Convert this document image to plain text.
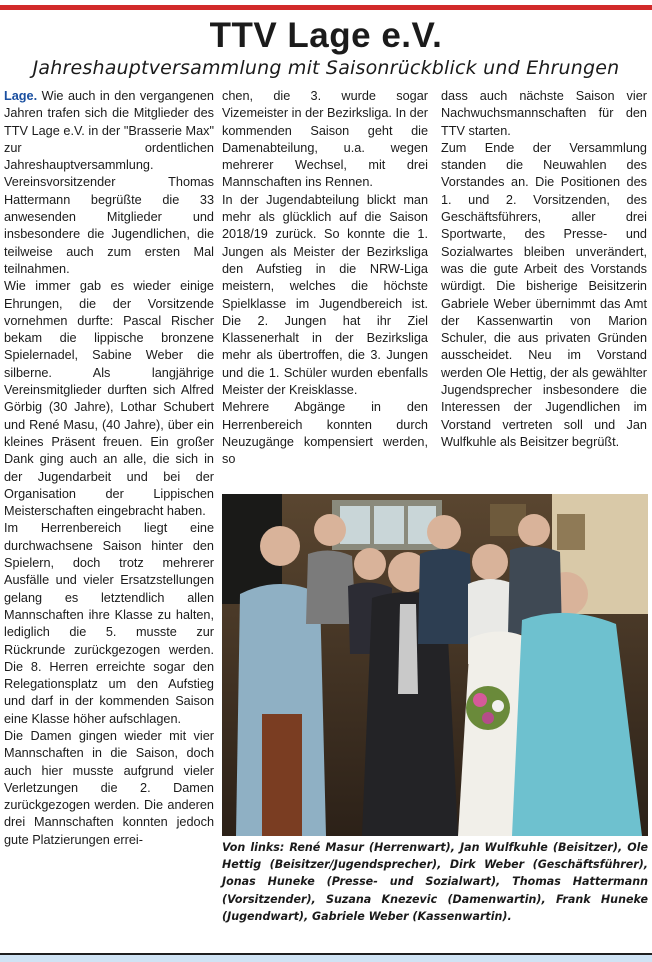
TTV Lage e.V.
Jahreshauptversammlung mit Saisonrückblick und Ehrungen

Lage. Wie auch in den vergangenen Jahren trafen sich die Mitglieder des TTV Lage e.V. in der "Brasserie Max" zur ordentlichen Jahreshauptversammlung. Vereinsvorsitzender Thomas Hattermann begrüßte die 33 anwesenden Mitglieder und insbesondere die Jugendlichen, die teilweise auch zum ersten Mal teilnahmen.

Wie immer gab es wieder einige Ehrungen, die der Vorsitzende vornehmen durfte: Pascal Rischer bekam die lippische bronzene Spielernadel, Sabine Weber die silberne. Als langjährige Vereinsmitglieder durften sich Alfred Görbig (30 Jahre), Lothar Schubert und René Masu, (40 Jahre), über ein kleines Präsent freuen. Ein großer Dank ging auch an alle, die sich in der Jugendarbeit und bei der Organisation der Lippischen Meisterschaften eingebracht haben.

Im Herrenbereich liegt eine durchwachsene Saison hinter den Spielern, doch trotz mehrerer Ausfälle und vieler Ersatzstellungen gelang es letztendlich allen Mannschaften ihre Klasse zu halten, lediglich die 5. musste zur Rückrunde zurückgezogen werden. Die 8. Herren erreichte sogar den Relegationsplatz um den Aufstieg und darf in der kommenden Saison eine Klasse höher aufschlagen.

Die Damen gingen wieder mit vier Mannschaften in die Saison, doch auch hier musste aufgrund vieler Verletzungen die 2. Damen zurückgezogen werden. Die anderen drei Mannschaften konnten jedoch gute Platzierungen errei-

chen, die 3. wurde sogar Vizemeister in der Bezirksliga. In der kommenden Saison geht die Damenabteilung, u.a. wegen mehrerer Wechsel, mit drei Mannschaften ins Rennen.

In der Jugendabteilung blickt man mehr als glücklich auf die Saison 2018/19 zurück. So konnte die 1. Jungen als Meister der Bezirksliga den Aufstieg in die NRW-Liga meistern, welches die höchste Spielklasse im Jugendbereich ist. Die 2. Jungen hat ihr Ziel Klassenerhalt in der Bezirksliga mehr als übertroffen, die 3. Jungen und die 1. Schüler wurden ebenfalls Meister der Kreisklasse.

Mehrere Abgänge in den Herrenbereich konnten durch Neuzugänge kompensiert werden, so

dass auch nächste Saison vier Nachwuchsmannschaften für den TTV starten.

Zum Ende der Versammlung standen die Neuwahlen des Vorstandes an. Die Positionen des 1. und 2. Vorsitzenden, des Geschäftsführers, aller drei Sportwarte, des Presse- und Sozialwartes bleiben unverändert, was die gute Arbeit des Vorstands würdigt. Die bisherige Beisitzerin Gabriele Weber übernimmt das Amt der Kassenwartin von Marion Schuler, die aus privaten Gründen ausscheidet. Neu im Vorstand werden Ole Hettig, der als gewählter Jugendsprecher insbesondere die Interessen der Jugendlichen im Vorstand vertreten soll und Jan Wulfkuhle als Beisitzer begrüßt.

Von links: René Masur (Herrenwart), Jan Wulfkuhle (Beisitzer), Ole Hettig (Beisitzer/Jugendsprecher), Dirk Weber (Geschäftsführer), Jonas Huneke (Presse- und Sozialwart), Thomas Hattermann (Vorsitzender), Suzana Knezevic (Damenwartin), Frank Huneke (Jugendwart), Gabriele Weber (Kassenwartin).
